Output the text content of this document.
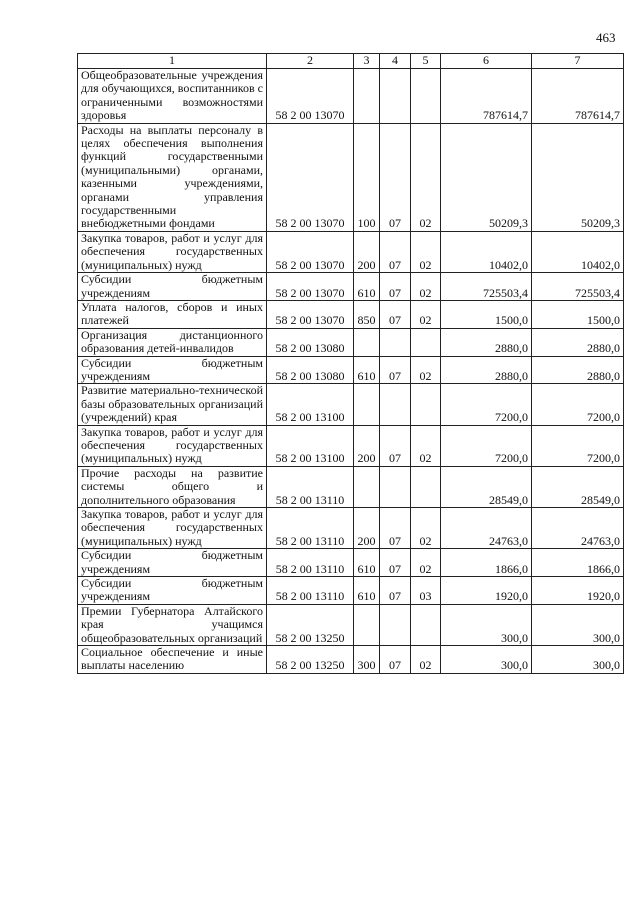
463
1	2	3	4	5	6	7
Общеобразовательные учреждения для обучающихся, воспитанников с ограниченными возможностями здоровья	58 2 00 13070				787614,7	787614,7
Расходы на выплаты персоналу в целях обеспечения выполнения функций государственными (муниципальными) органами, казенными учреждениями, органами управления государственными внебюджетными фондами	58 2 00 13070	100	07	02	50209,3	50209,3
Закупка товаров, работ и услуг для обеспечения государственных (муниципальных) нужд	58 2 00 13070	200	07	02	10402,0	10402,0
Субсидии бюджетным учреждениям	58 2 00 13070	610	07	02	725503,4	725503,4
Уплата налогов, сборов и иных платежей	58 2 00 13070	850	07	02	1500,0	1500,0
Организация дистанционного образования детей-инвалидов	58 2 00 13080				2880,0	2880,0
Субсидии бюджетным учреждениям	58 2 00 13080	610	07	02	2880,0	2880,0
Развитие материально-технической базы образовательных организаций (учреждений) края	58 2 00 13100				7200,0	7200,0
Закупка товаров, работ и услуг для обеспечения государственных (муниципальных) нужд	58 2 00 13100	200	07	02	7200,0	7200,0
Прочие расходы на развитие системы общего и дополнительного образования	58 2 00 13110				28549,0	28549,0
Закупка товаров, работ и услуг для обеспечения государственных (муниципальных) нужд	58 2 00 13110	200	07	02	24763,0	24763,0
Субсидии бюджетным учреждениям	58 2 00 13110	610	07	02	1866,0	1866,0
Субсидии бюджетным учреждениям	58 2 00 13110	610	07	03	1920,0	1920,0
Премии Губернатора Алтайского края учащимся общеобразовательных организаций	58 2 00 13250				300,0	300,0
Социальное обеспечение и иные выплаты населению	58 2 00 13250	300	07	02	300,0	300,0
